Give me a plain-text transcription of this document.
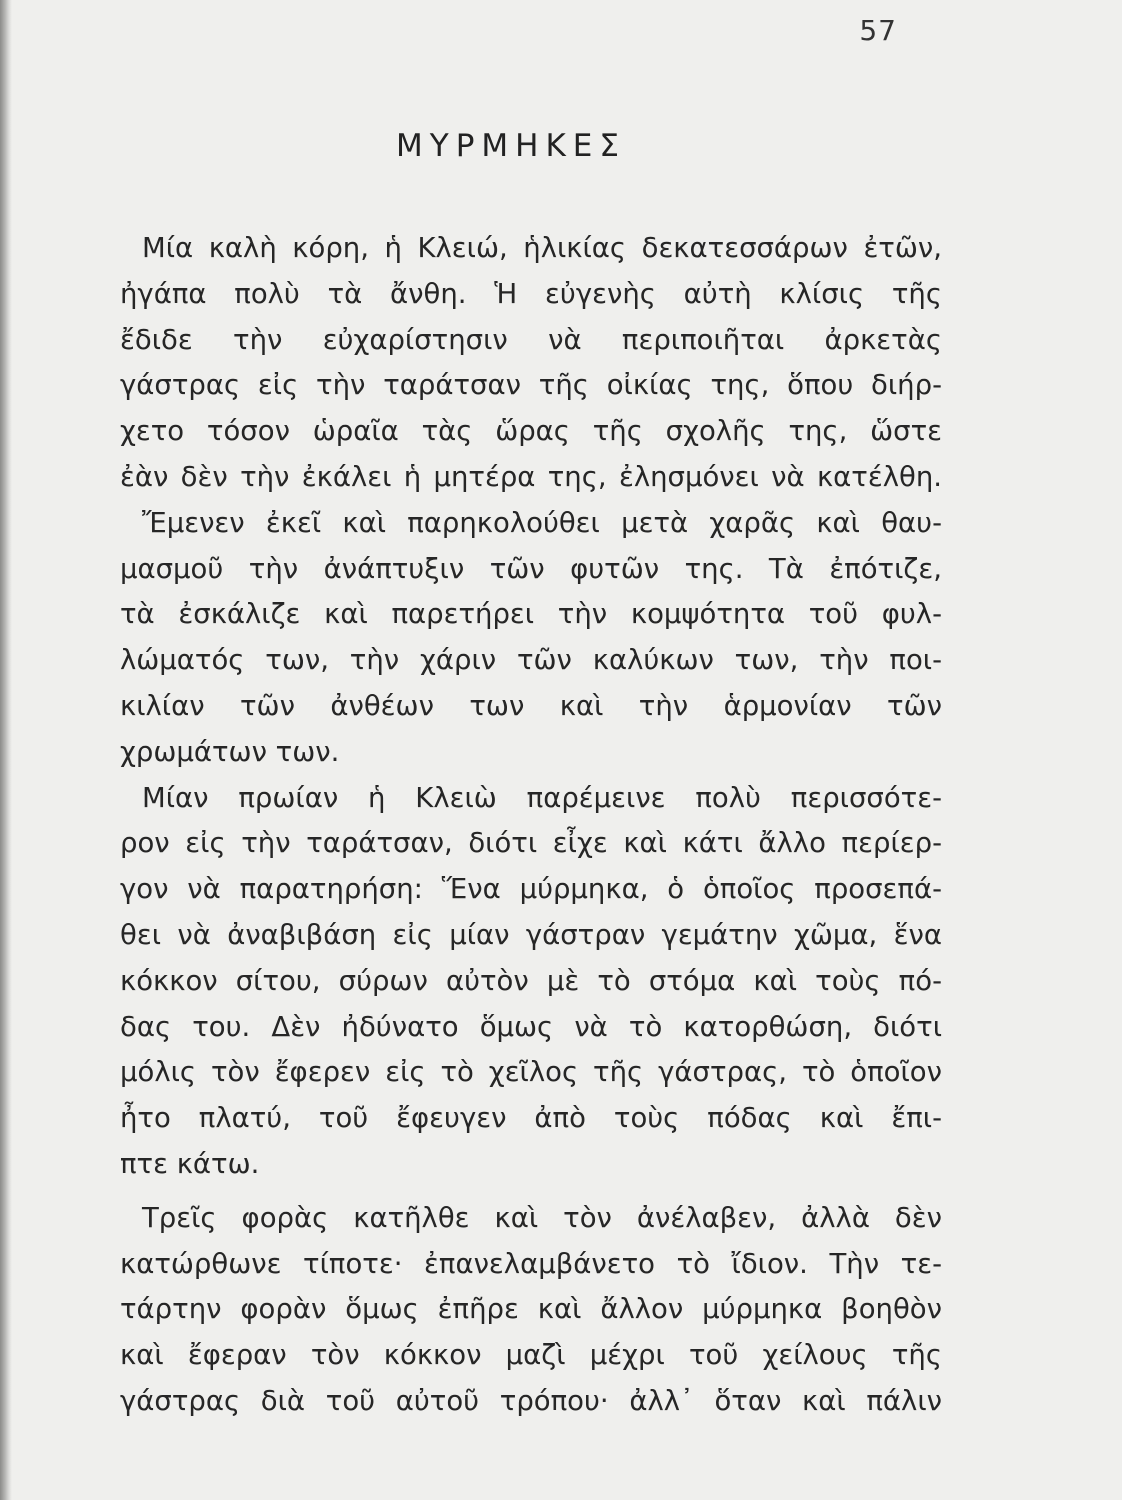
57
ΜΥΡΜΗΚΕΣ
Μία καλὴ κόρη, ἡ Κλειώ, ἡλικίας δεκατεσσάρων ἐτῶν,
ἠγάπα πολὺ τὰ ἄνθη. Ἡ εὐγενὴς αὐτὴ κλίσις τῆς
ἔδιδε τὴν εὐχαρίστησιν νὰ περιποιῆται ἀρκετὰς
γάστρας εἰς τὴν ταράτσαν τῆς οἰκίας της, ὅπου διήρ-
χετο τόσον ὡραῖα τὰς ὥρας τῆς σχολῆς της, ὥστε
ἐὰν δὲν τὴν ἐκάλει ἡ μητέρα της, ἐλησμόνει νὰ κατέλθη.
Ἔμενεν ἐκεῖ καὶ παρηκολούθει μετὰ χαρᾶς καὶ θαυ-
μασμοῦ τὴν ἀνάπτυξιν τῶν φυτῶν της. Τὰ ἐπότιζε,
τὰ ἐσκάλιζε καὶ παρετήρει τὴν κομψότητα τοῦ φυλ-
λώματός των, τὴν χάριν τῶν καλύκων των, τὴν ποι-
κιλίαν τῶν ἀνθέων των καὶ τὴν ἁρμονίαν τῶν
χρωμάτων των.
Μίαν πρωίαν ἡ Κλειὼ παρέμεινε πολὺ περισσότε-
ρον εἰς τὴν ταράτσαν, διότι εἶχε καὶ κάτι ἄλλο περίερ-
γον νὰ παρατηρήση: Ἕνα μύρμηκα, ὁ ὁποῖος προσεπά-
θει νὰ ἀναβιβάση εἰς μίαν γάστραν γεμάτην χῶμα, ἕνα
κόκκον σίτου, σύρων αὐτὸν μὲ τὸ στόμα καὶ τοὺς πό-
δας του. Δὲν ἠδύνατο ὅμως νὰ τὸ κατορθώση, διότι
μόλις τὸν ἔφερεν εἰς τὸ χεῖλος τῆς γάστρας, τὸ ὁποῖον
ἦτο πλατύ, τοῦ ἔφευγεν ἀπὸ τοὺς πόδας καὶ ἔπι-
πτε κάτω.
Τρεῖς φορὰς κατῆλθε καὶ τὸν ἀνέλαβεν, ἀλλὰ δὲν
κατώρθωνε τίποτε· ἐπανελαμβάνετο τὸ ἴδιον. Τὴν τε-
τάρτην φορὰν ὅμως ἐπῆρε καὶ ἄλλον μύρμηκα βοηθὸν
καὶ ἔφεραν τὸν κόκκον μαζὶ μέχρι τοῦ χείλους τῆς
γάστρας διὰ τοῦ αὐτοῦ τρόπου· ἀλλ᾽ ὅταν καὶ πάλιν
